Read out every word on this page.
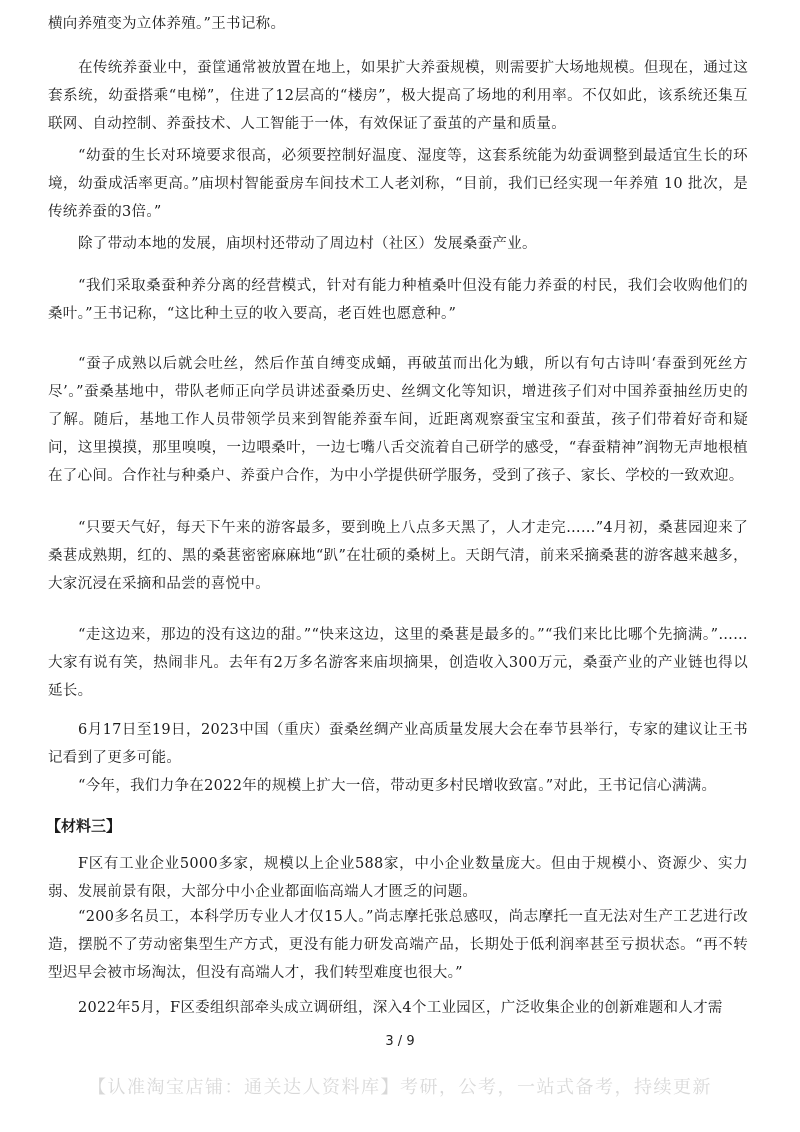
横向养殖变为立体养殖。”王书记称。

在传统养蚕业中，蚕筐通常被放置在地上，如果扩大养蚕规模，则需要扩大场地规模。但现在，通过这套系统，幼蚕搭乘“电梯”，住进了12层高的“楼房”，极大提高了场地的利用率。不仅如此，该系统还集互联网、自动控制、养蚕技术、人工智能于一体，有效保证了蚕茧的产量和质量。

“幼蚕的生长对环境要求很高，必须要控制好温度、湿度等，这套系统能为幼蚕调整到最适宜生长的环境，幼蚕成活率更高。”庙坝村智能蚕房车间技术工人老刘称，“目前，我们已经实现一年养殖 10 批次，是传统养蚕的3倍。”

除了带动本地的发展，庙坝村还带动了周边村（社区）发展桑蚕产业。

“我们采取桑蚕种养分离的经营模式，针对有能力种植桑叶但没有能力养蚕的村民，我们会收购他们的桑叶。”王书记称，“这比种土豆的收入要高，老百姓也愿意种。”

“蚕子成熟以后就会吐丝，然后作茧自缚变成蛹，再破茧而出化为蛾，所以有句古诗叫‘春蚕到死丝方尽’。”蚕桑基地中，带队老师正向学员讲述蚕桑历史、丝绸文化等知识，增进孩子们对中国养蚕抽丝历史的了解。随后，基地工作人员带领学员来到智能养蚕车间，近距离观察蚕宝宝和蚕茧，孩子们带着好奇和疑问，这里摸摸，那里嗅嗅，一边喂桑叶，一边七嘴八舌交流着自己研学的感受，“春蚕精神”润物无声地根植在了心间。合作社与种桑户、养蚕户合作，为中小学提供研学服务，受到了孩子、家长、学校的一致欢迎。

“只要天气好，每天下午来的游客最多，要到晚上八点多天黑了，人才走完……”4月初，桑葚园迎来了桑葚成熟期，红的、黑的桑葚密密麻麻地“趴”在壮硕的桑树上。天朗气清，前来采摘桑葚的游客越来越多，大家沉浸在采摘和品尝的喜悦中。

“走这边来，那边的没有这边的甜。”“快来这边，这里的桑葚是最多的。”“我们来比比哪个先摘满。”……大家有说有笑，热闹非凡。去年有2万多名游客来庙坝摘果，创造收入300万元，桑蚕产业的产业链也得以延长。

6月17日至19日，2023中国（重庆）蚕桑丝绸产业高质量发展大会在奉节县举行，专家的建议让王书记看到了更多可能。

“今年，我们力争在2022年的规模上扩大一倍，带动更多村民增收致富。”对此，王书记信心满满。

【材料三】

F区有工业企业5000多家，规模以上企业588家，中小企业数量庞大。但由于规模小、资源少、实力弱、发展前景有限，大部分中小企业都面临高端人才匮乏的问题。

“200多名员工，本科学历专业人才仅15人。”尚志摩托张总感叹，尚志摩托一直无法对生产工艺进行改造，摆脱不了劳动密集型生产方式，更没有能力研发高端产品，长期处于低利润率甚至亏损状态。“再不转型迟早会被市场淘汰，但没有高端人才，我们转型难度也很大。”

2022年5月，F区委组织部牵头成立调研组，深入4个工业园区，广泛收集企业的创新难题和人才需

3 / 9
【认准淘宝店铺：通关达人资料库】考研，公考，一站式备考，持续更新
